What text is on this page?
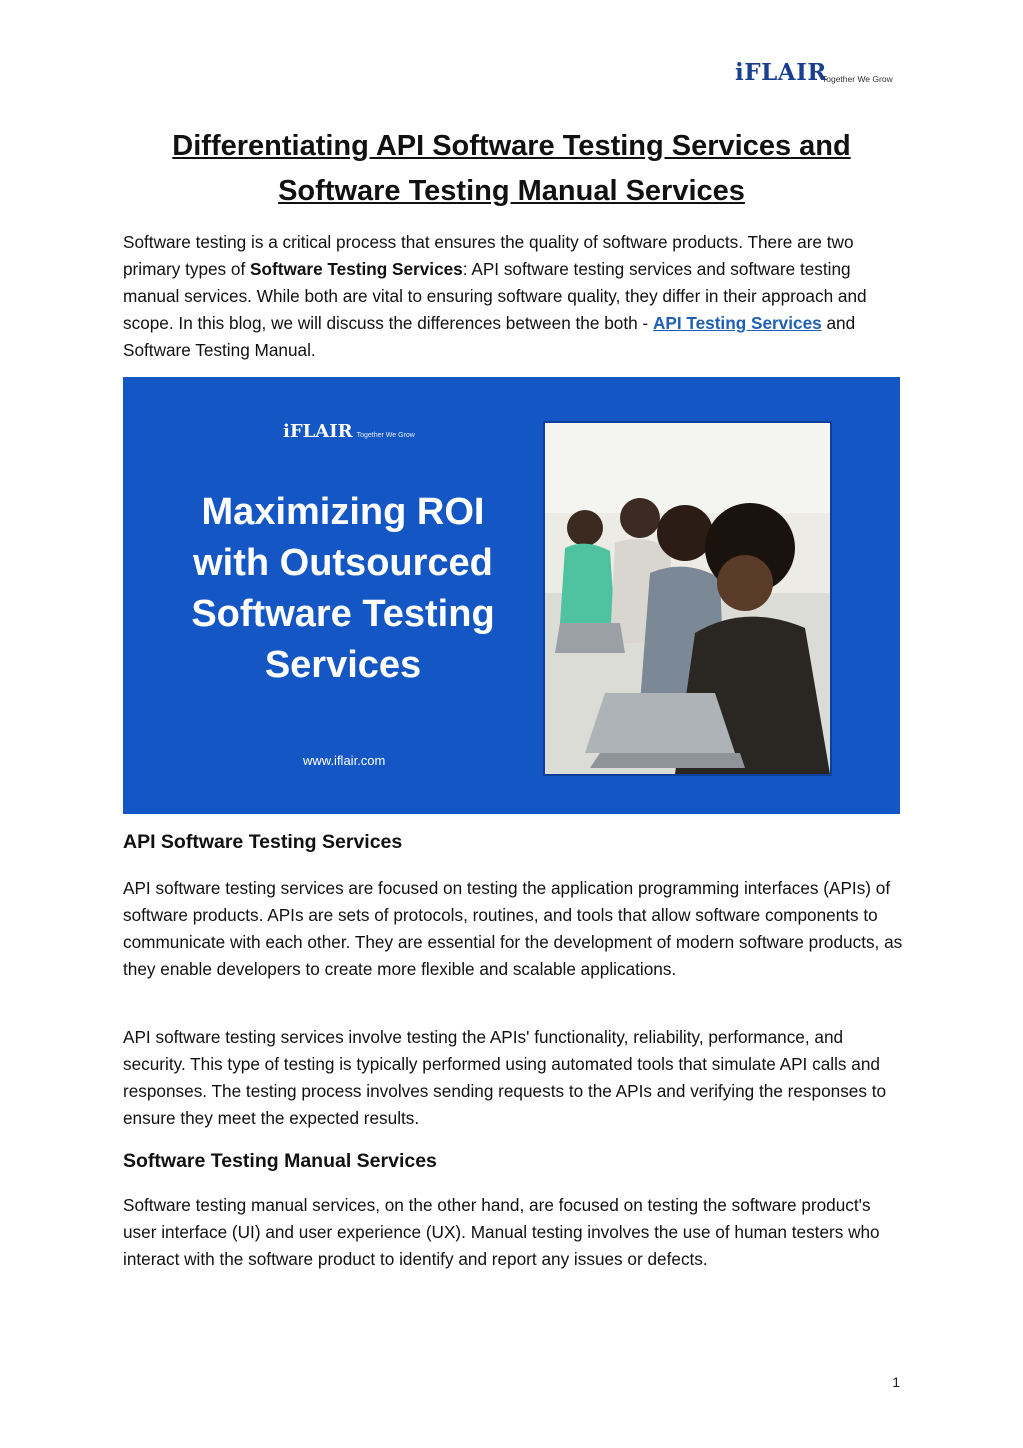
iFLAIR
Together We Grow
Differentiating API Software Testing Services and Software Testing Manual Services

Software testing is a critical process that ensures the quality of software products. There are two primary types of Software Testing Services: API software testing services and software testing manual services. While both are vital to ensuring software quality, they differ in their approach and scope. In this blog, we will discuss the differences between the both - API Testing Services and Software Testing Manual.

iFLAIR Together We Grow
Maximizing ROI with Outsourced Software Testing Services
www.iflair.com
API Software Testing Services

API software testing services are focused on testing the application programming interfaces (APIs) of software products. APIs are sets of protocols, routines, and tools that allow software components to communicate with each other. They are essential for the development of modern software products, as they enable developers to create more flexible and scalable applications.

API software testing services involve testing the APIs' functionality, reliability, performance, and security. This type of testing is typically performed using automated tools that simulate API calls and responses. The testing process involves sending requests to the APIs and verifying the responses to ensure they meet the expected results.

Software Testing Manual Services

Software testing manual services, on the other hand, are focused on testing the software product's user interface (UI) and user experience (UX). Manual testing involves the use of human testers who interact with the software product to identify and report any issues or defects.

1
